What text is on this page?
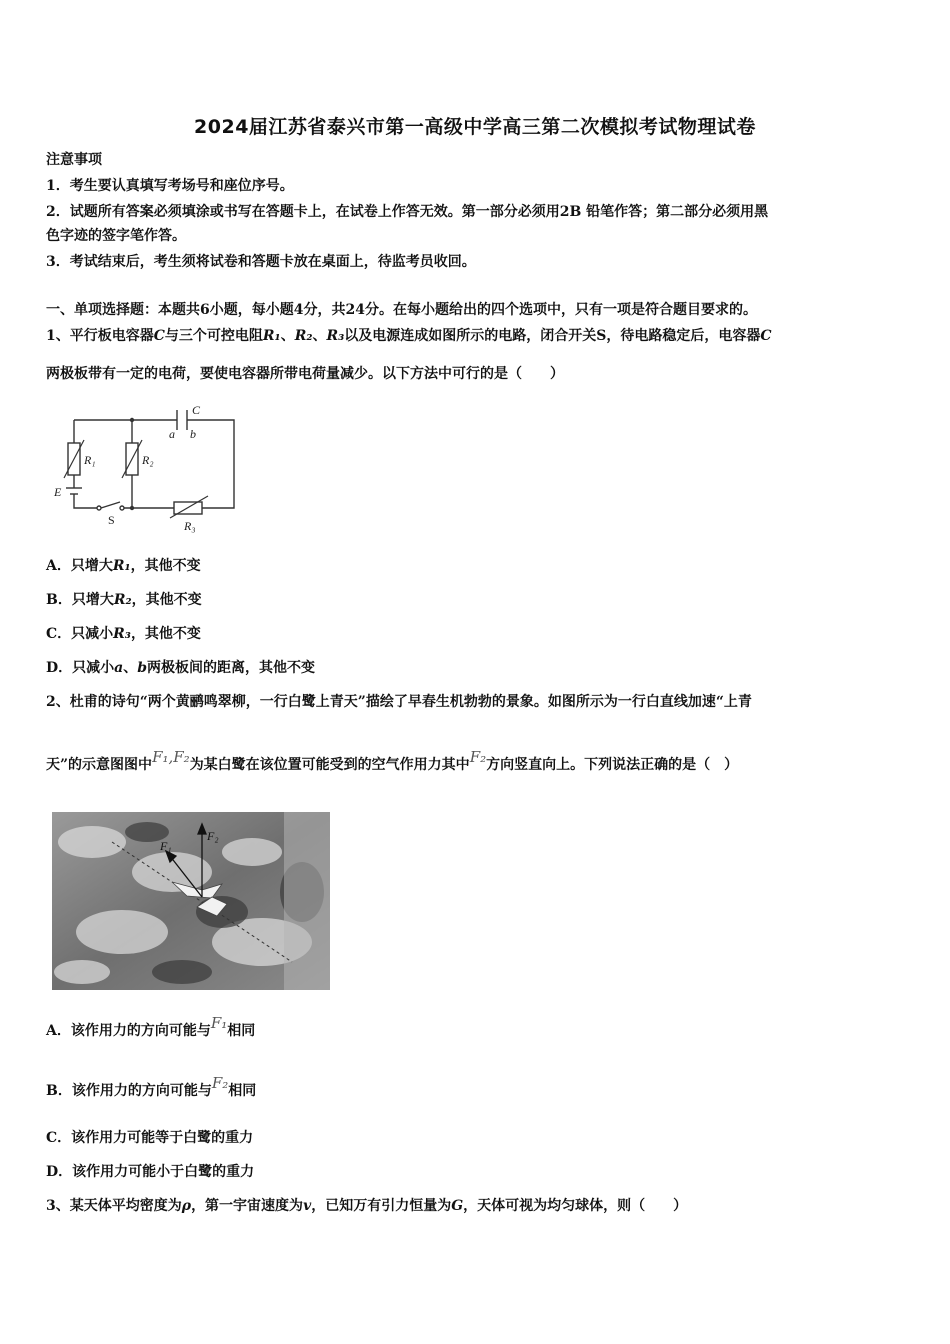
2024届江苏省泰兴市第一高级中学高三第二次模拟考试物理试卷
注意事项
1．考生要认真填写考场号和座位序号。
2．试题所有答案必须填涂或书写在答题卡上，在试卷上作答无效。第一部分必须用2B 铅笔作答；第二部分必须用黑
色字迹的签字笔作答。
3．考试结束后，考生须将试卷和答题卡放在桌面上，待监考员收回。
一、单项选择题：本题共6小题，每小题4分，共24分。在每小题给出的四个选项中，只有一项是符合题目要求的。
1、平行板电容器C与三个可控电阻R₁、R₂、R₃以及电源连成如图所示的电路，闭合开关S，待电路稳定后，电容器C
两极板带有一定的电荷，要使电容器所带电荷量减少。以下方法中可行的是（　　）
C
a b
R₁	R₂
R₃
E
S
A．只增大R₁，其他不变
B．只增大R₂，其他不变
C．只减小R₃，其他不变
D．只减小a、b两极板间的距离，其他不变
2、杜甫的诗句“两个黄鹂鸣翠柳，一行白鹭上青天”描绘了早春生机勃勃的景象。如图所示为一行白直线加速“上青
天”的示意图图中F₁,F₂为某白鹭在该位置可能受到的空气作用力其中F₂方向竖直向上。下列说法正确的是（　）
F₁
F₂
A．该作用力的方向可能与F₁相同
B．该作用力的方向可能与F₂相同
C．该作用力可能等于白鹭的重力
D．该作用力可能小于白鹭的重力
3、某天体平均密度为ρ，第一宇宙速度为v，已知万有引力恒量为G，天体可视为均匀球体，则（　　）
